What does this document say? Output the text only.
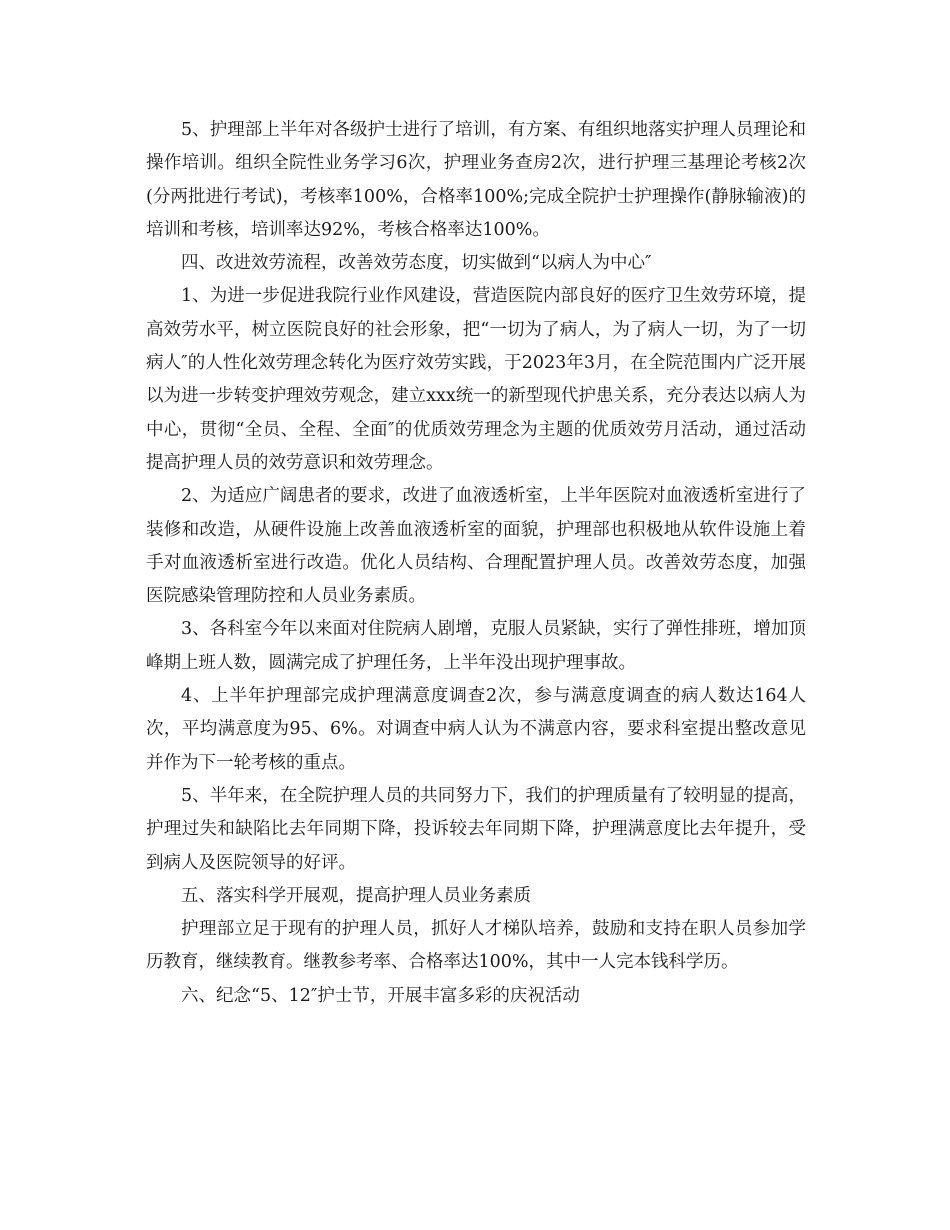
5、护理部上半年对各级护士进行了培训，有方案、有组织地落实护理人员理论和操作培训。组织全院性业务学习6次，护理业务查房2次，进行护理三基理论考核2次(分两批进行考试)，考核率100%，合格率100%;完成全院护士护理操作(静脉输液)的培训和考核，培训率达92%，考核合格率达100%。

四、改进效劳流程，改善效劳态度，切实做到“以病人为中心″

1、为进一步促进我院行业作风建设，营造医院内部良好的医疗卫生效劳环境，提高效劳水平，树立医院良好的社会形象，把“一切为了病人，为了病人一切，为了一切病人″的人性化效劳理念转化为医疗效劳实践，于2023年3月，在全院范围内广泛开展以为进一步转变护理效劳观念，建立xxx统一的新型现代护患关系，充分表达以病人为中心，贯彻“全员、全程、全面″的优质效劳理念为主题的优质效劳月活动，通过活动提高护理人员的效劳意识和效劳理念。

2、为适应广阔患者的要求，改进了血液透析室，上半年医院对血液透析室进行了装修和改造，从硬件设施上改善血液透析室的面貌，护理部也积极地从软件设施上着手对血液透析室进行改造。优化人员结构、合理配置护理人员。改善效劳态度，加强医院感染管理防控和人员业务素质。

3、各科室今年以来面对住院病人剧增，克服人员紧缺，实行了弹性排班，增加顶峰期上班人数，圆满完成了护理任务，上半年没出现护理事故。

4、上半年护理部完成护理满意度调查2次，参与满意度调查的病人数达164人次，平均满意度为95、6%。对调查中病人认为不满意内容，要求科室提出整改意见并作为下一轮考核的重点。

5、半年来，在全院护理人员的共同努力下，我们的护理质量有了较明显的提高，护理过失和缺陷比去年同期下降，投诉较去年同期下降，护理满意度比去年提升，受到病人及医院领导的好评。

五、落实科学开展观，提高护理人员业务素质

护理部立足于现有的护理人员，抓好人才梯队培养，鼓励和支持在职人员参加学历教育，继续教育。继教参考率、合格率达100%，其中一人完本钱科学历。

六、纪念“5、12″护士节，开展丰富多彩的庆祝活动
